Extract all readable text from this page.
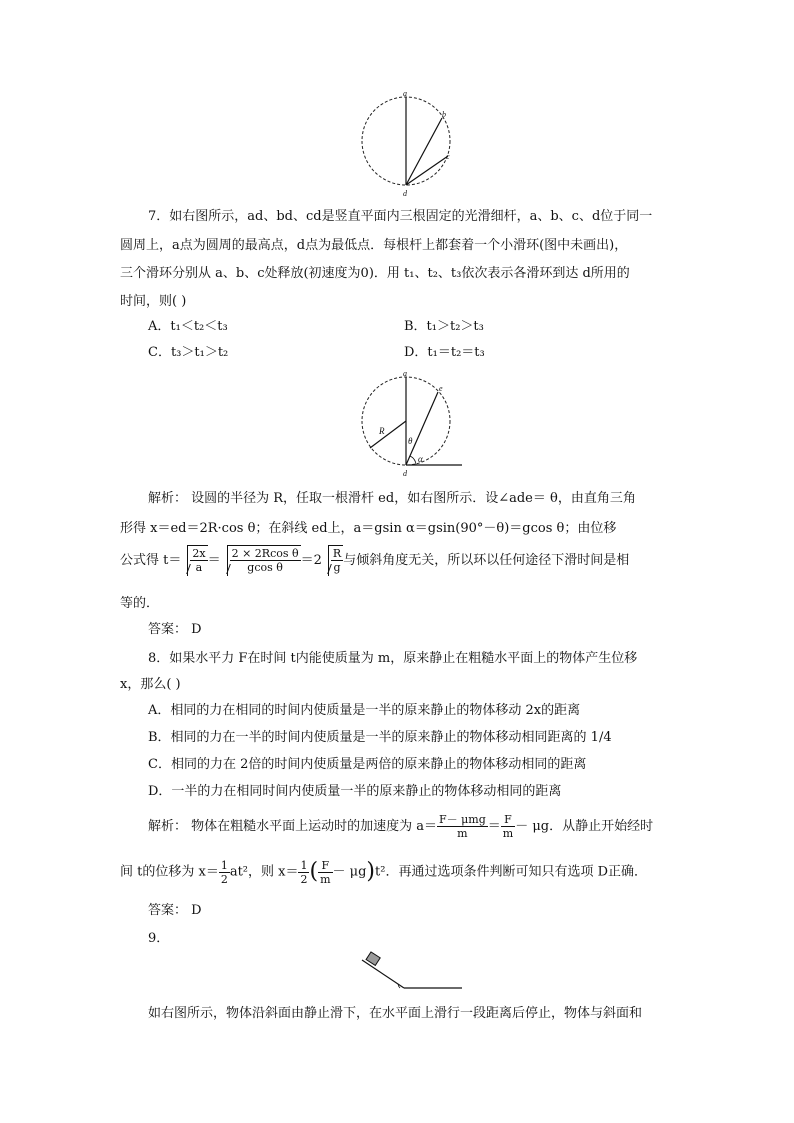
a
b
c
d
7．如右图所示，ad、bd、cd是竖直平面内三根固定的光滑细杆，a、b、c、d位于同一
圆周上，a点为圆周的最高点，d点为最低点．每根杆上都套着一个小滑环(图中未画出)，
三个滑环分别从 a、b、c处释放(初速度为0)．用 t₁、t₂、t₃依次表示各滑环到达 d所用的
时间，则( )
A．t₁＜t₂＜t₃	B．t₁＞t₂＞t₃
C．t₃＞t₁＞t₂	D．t₁＝t₂＝t₃
a
e
d
R
θ
α
解析： 设圆的半径为 R，任取一根滑杆 ed，如右图所示．设∠ade＝ θ，由直角三角
形得 x＝ed＝2R·cos θ；在斜线 ed上，a＝gsin α＝gsin(90°－θ)＝gcos θ；由位移
公式得 $t= \frac{2x}{a} = \frac{\text{2 × 2Rcos θ}}{\text{gcos θ}} =2 \frac{R}{g}$ 与倾斜角度无关，所以环以任何途径下滑时间是相
等的．
答案： D
8．如果水平力 F在时间 t内能使质量为 m，原来静止在粗糙水平面上的物体产生位移
x，那么( )
A．相同的力在相同的时间内使质量是一半的原来静止的物体移动 2x的距离
B．相同的力在一半的时间内使质量是一半的原来静止的物体移动相同距离的 1/4
C．相同的力在 2倍的时间内使质量是两倍的原来静止的物体移动相同的距离
D．一半的力在相同时间内使质量一半的原来静止的物体移动相同的距离
解析： 物体在粗糙水平面上运动时的加速度为 $a= \frac{\text{F－ μmg}}{m} = \frac{F}{m} - \mu g$．从静止开始经时
间 t的位移为 $x= \frac{1}{2} at^2$，则 $x= \frac{1}{2}$ ( $\frac{F}{m} - \mu g)t^2$．再通过选项条件判断可知只有选项 D正确．
答案： D
9．
如右图所示，物体沿斜面由静止滑下，在水平面上滑行一段距离后停止，物体与斜面和
